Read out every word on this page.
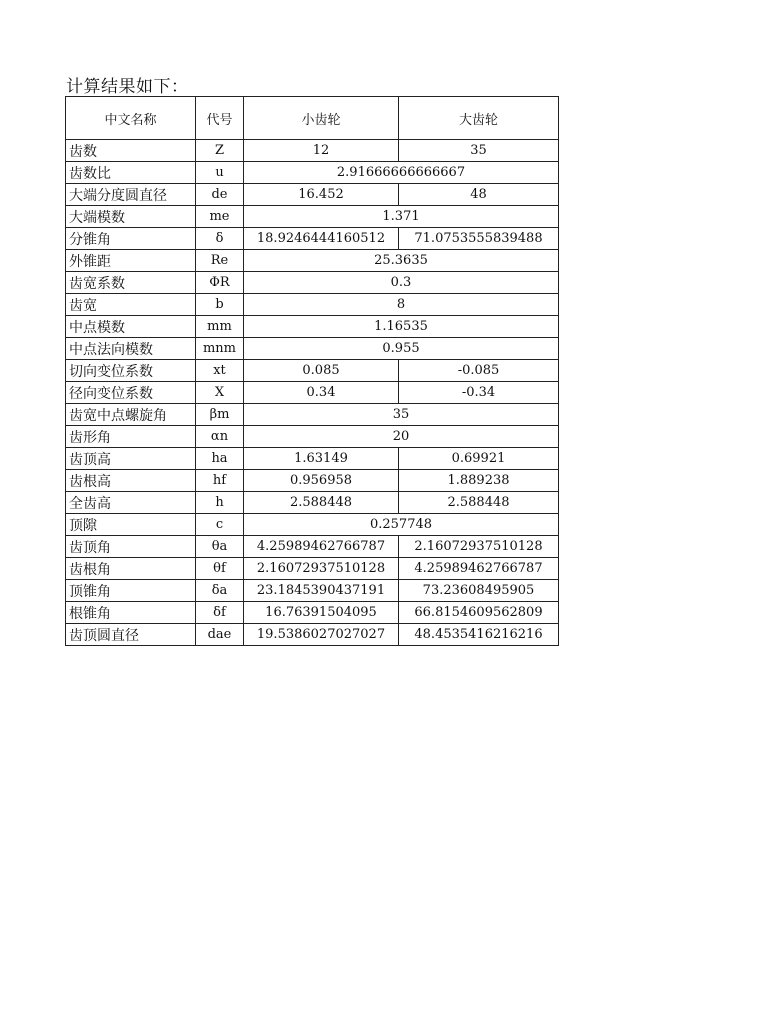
计算结果如下：
中文名称	代号	小齿轮	大齿轮
齿数	Z	12	35
齿数比	u	2.91666666666667	
大端分度圆直径	de	16.452	48
大端模数	me	1.371	
分锥角	δ	18.9246444160512	71.0753555839488
外锥距	Re	25.3635	
齿宽系数	ΦR	0.3	
齿宽	b	8	
中点模数	mm	1.16535	
中点法向模数	mnm	0.955	
切向变位系数	xt	0.085	-0.085
径向变位系数	X	0.34	-0.34
齿宽中点螺旋角	βm	35	
齿形角	αn	20	
齿顶高	ha	1.63149	0.69921
齿根高	hf	0.956958	1.889238
全齿高	h	2.588448	2.588448
顶隙	c	0.257748	
齿顶角	θa	4.25989462766787	2.16072937510128
齿根角	θf	2.16072937510128	4.25989462766787
顶锥角	δa	23.1845390437191	73.23608495905
根锥角	δf	16.76391504095	66.8154609562809
齿顶圆直径	dae	19.5386027027027	48.4535416216216
